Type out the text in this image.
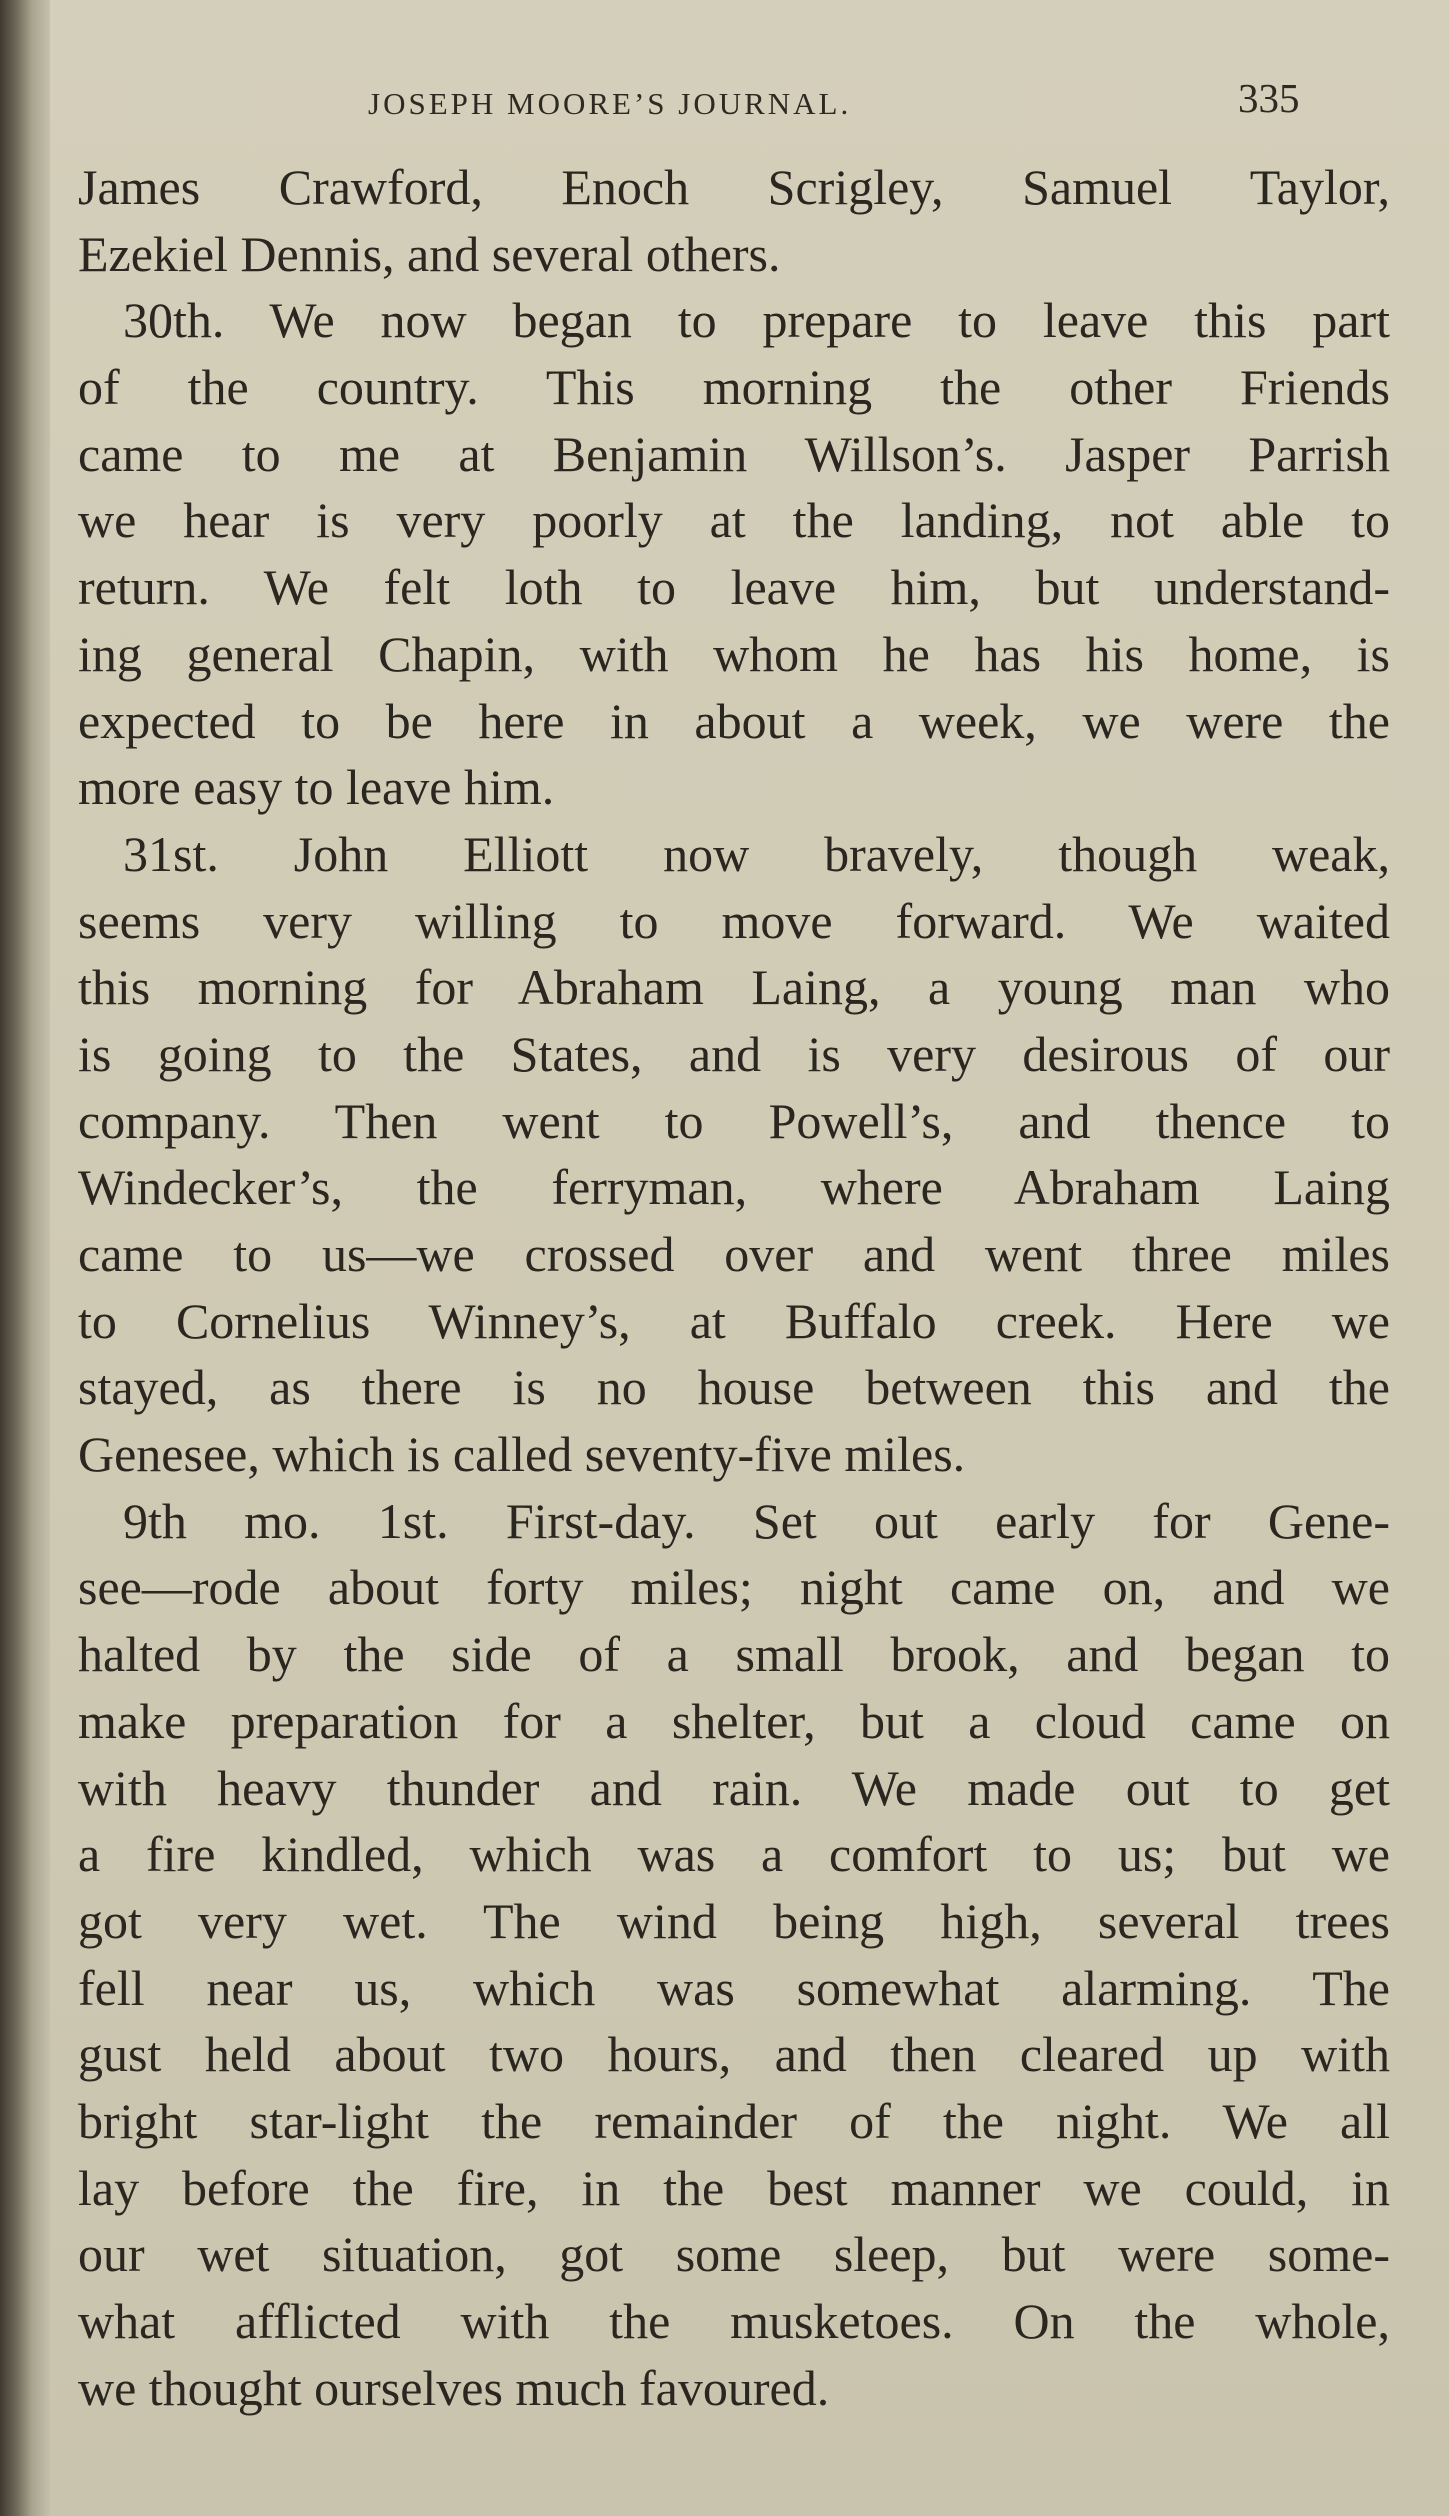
JOSEPH MOORE’S JOURNAL.	335
James Crawford, Enoch Scrigley, Samuel Taylor,
Ezekiel Dennis, and several others.
30th. We now began to prepare to leave this part
of the country. This morning the other Friends
came to me at Benjamin Willson’s. Jasper Parrish
we hear is very poorly at the landing, not able to
return. We felt loth to leave him, but understand-
ing general Chapin, with whom he has his home, is
expected to be here in about a week, we were the
more easy to leave him.
31st. John Elliott now bravely, though weak,
seems very willing to move forward. We waited
this morning for Abraham Laing, a young man who
is going to the States, and is very desirous of our
company. Then went to Powell’s, and thence to
Windecker’s, the ferryman, where Abraham Laing
came to us—we crossed over and went three miles
to Cornelius Winney’s, at Buffalo creek. Here we
stayed, as there is no house between this and the
Genesee, which is called seventy-five miles.
9th mo. 1st. First-day. Set out early for Gene-
see—rode about forty miles; night came on, and we
halted by the side of a small brook, and began to
make preparation for a shelter, but a cloud came on
with heavy thunder and rain. We made out to get
a fire kindled, which was a comfort to us; but we
got very wet. The wind being high, several trees
fell near us, which was somewhat alarming. The
gust held about two hours, and then cleared up with
bright star-light the remainder of the night. We all
lay before the fire, in the best manner we could, in
our wet situation, got some sleep, but were some-
what afflicted with the musketoes. On the whole,
we thought ourselves much favoured.
